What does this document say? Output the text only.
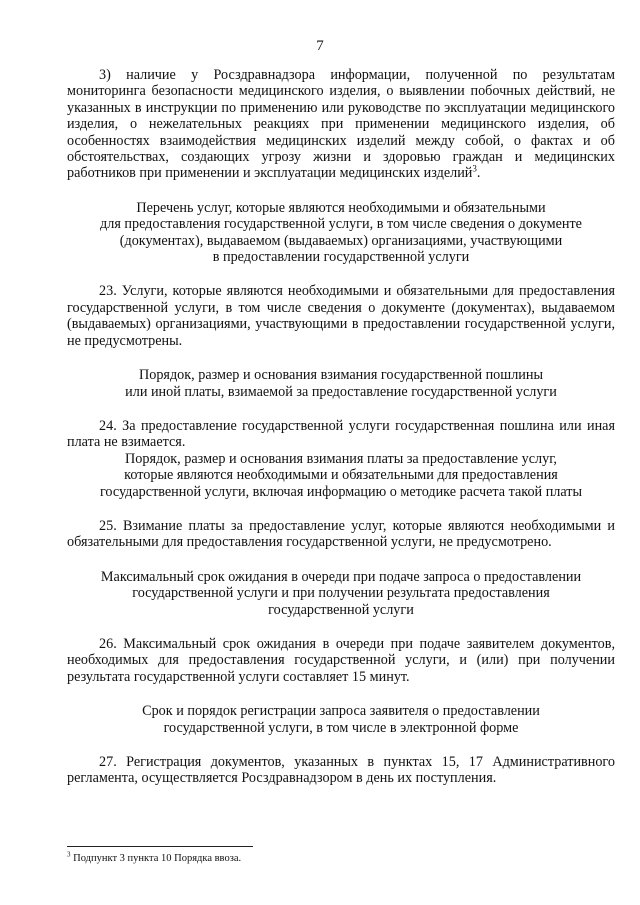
7

3) наличие у Росздравнадзора информации, полученной по результатам мониторинга безопасности медицинского изделия, о выявлении побочных действий, не указанных в инструкции по применению или руководстве по эксплуатации медицинского изделия, о нежелательных реакциях при применении медицинского изделия, об особенностях взаимодействия медицинских изделий между собой, о фактах и об обстоятельствах, создающих угрозу жизни и здоровью граждан и медицинских работников при применении и эксплуатации медицинских изделий$^3$.

Перечень услуг, которые являются необходимыми и обязательными
для предоставления государственной услуги, в том числе сведения о документе
(документах), выдаваемом (выдаваемых) организациями, участвующими
в предоставлении государственной услуги

23. Услуги, которые являются необходимыми и обязательными для предоставления государственной услуги, в том числе сведения о документе (документах), выдаваемом (выдаваемых) организациями, участвующими в предоставлении государственной услуги, не предусмотрены.

Порядок, размер и основания взимания государственной пошлины
или иной платы, взимаемой за предоставление государственной услуги

24. За предоставление государственной услуги государственная пошлина или иная плата не взимается.

Порядок, размер и основания взимания платы за предоставление услуг,
которые являются необходимыми и обязательными для предоставления
государственной услуги, включая информацию о методике расчета такой платы

25. Взимание платы за предоставление услуг, которые являются необходимыми и обязательными для предоставления государственной услуги, не предусмотрено.

Максимальный срок ожидания в очереди при подаче запроса о предоставлении
государственной услуги и при получении результата предоставления
государственной услуги

26. Максимальный срок ожидания в очереди при подаче заявителем документов, необходимых для предоставления государственной услуги, и (или) при получении результата государственной услуги составляет 15 минут.

Срок и порядок регистрации запроса заявителя о предоставлении
государственной услуги, в том числе в электронной форме

27. Регистрация документов, указанных в пунктах 15, 17 Административного регламента, осуществляется Росздравнадзором в день их поступления.

$^3$ Подпункт 3 пункта 10 Порядка ввоза.
